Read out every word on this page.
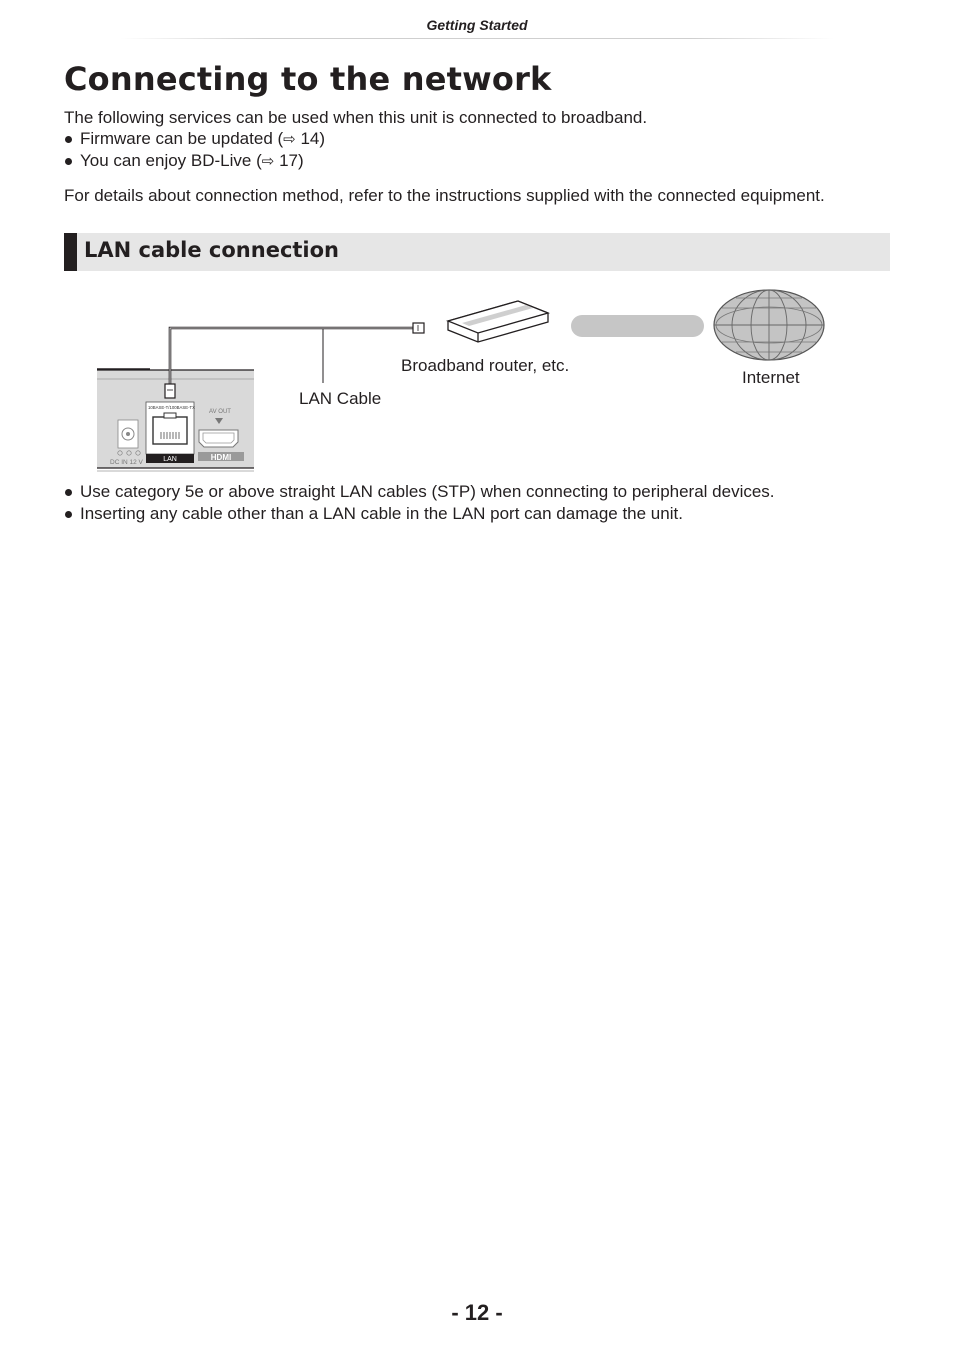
Getting Started
Connecting to the network
The following services can be used when this unit is connected to broadband.
Firmware can be updated (⇨ 14)
You can enjoy BD-Live (⇨ 17)
For details about connection method, refer to the instructions supplied with the connected equipment.
LAN cable connection
DC IN 12 V
10BASE-T/100BASE-TX
LAN
AV OUT
HDMI
LAN Cable
Broadband router, etc.
Internet
Use category 5e or above straight LAN cables (STP) when connecting to peripheral devices.
Inserting any cable other than a LAN cable in the LAN port can damage the unit.
- 12 -
